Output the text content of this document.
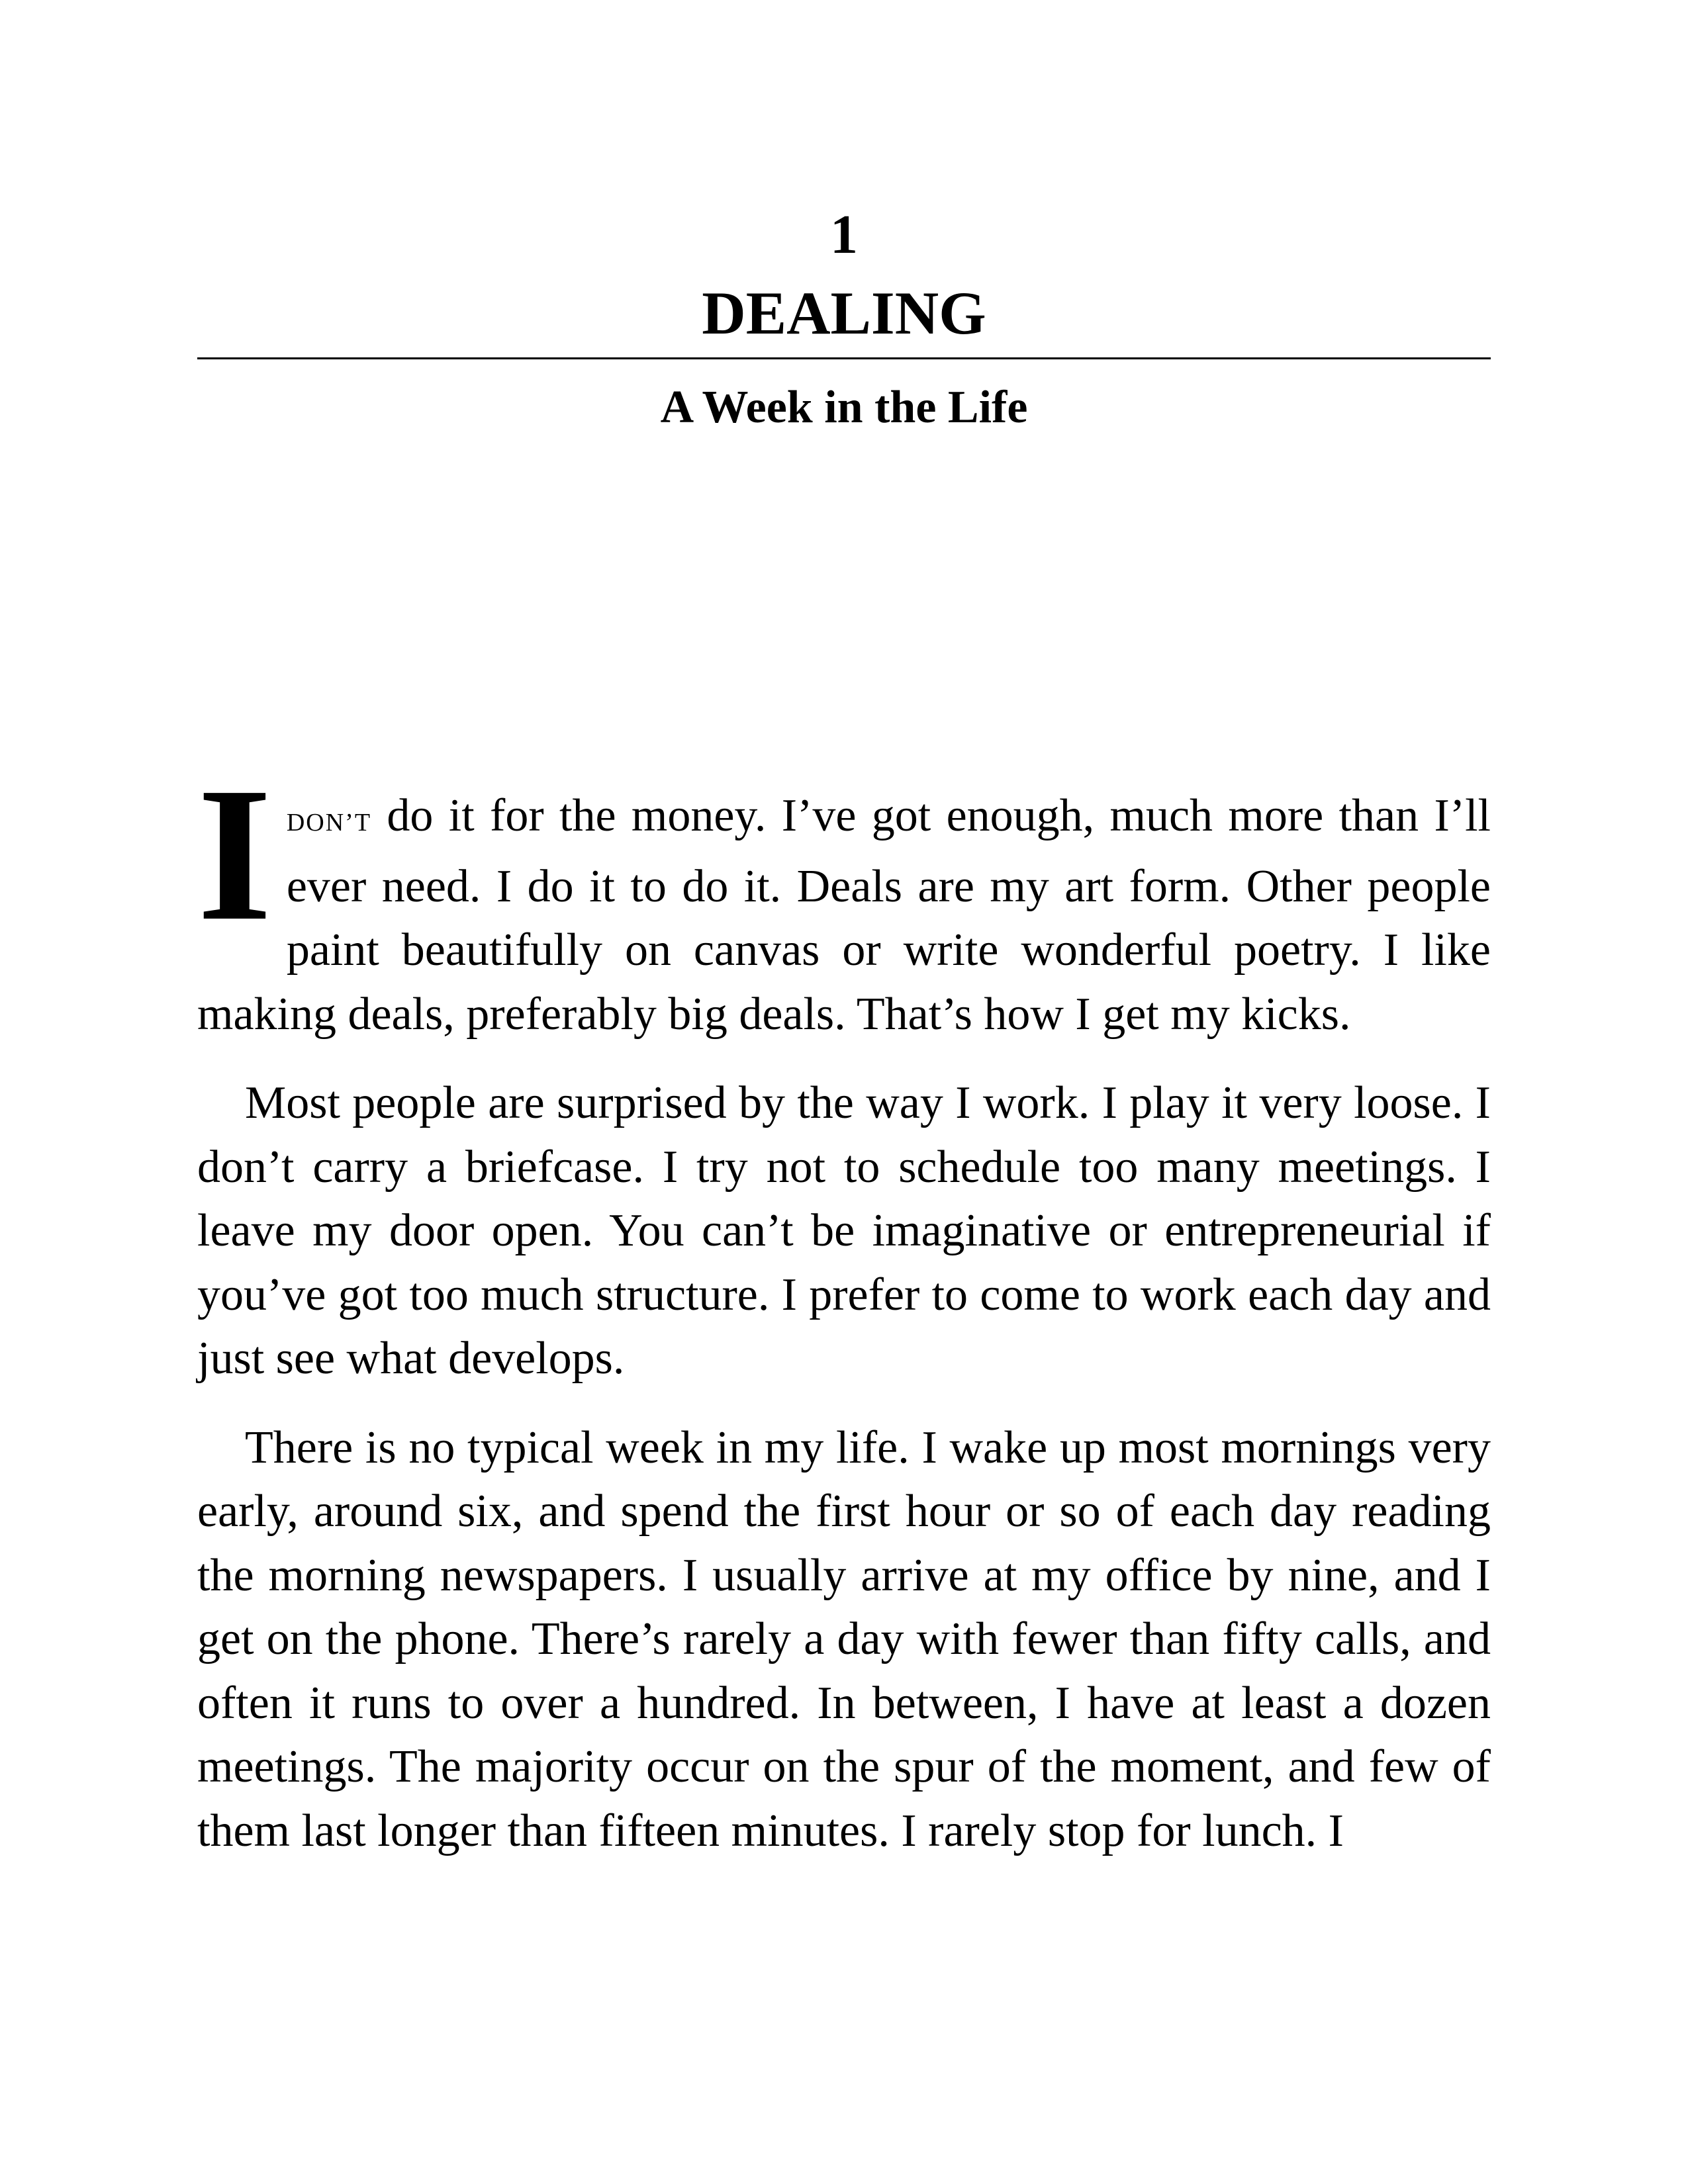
1
DEALING
A Week in the Life

IDON’T do it for the money. I’ve got enough, much more than I’ll ever need. I do it to do it. Deals are my art form. Other people paint beautifully on canvas or write wonderful poetry. I like making deals, preferably big deals. That’s how I get my kicks.

Most people are surprised by the way I work. I play it very loose. I don’t carry a briefcase. I try not to schedule too many meetings. I leave my door open. You can’t be imaginative or entrepreneurial if you’ve got too much structure. I prefer to come to work each day and just see what develops.

There is no typical week in my life. I wake up most mornings very early, around six, and spend the first hour or so of each day reading the morning newspapers. I usually arrive at my office by nine, and I get on the phone. There’s rarely a day with fewer than fifty calls, and often it runs to over a hundred. In between, I have at least a dozen meetings. The majority occur on the spur of the moment, and few of them last longer than fifteen minutes. I rarely stop for lunch. I
